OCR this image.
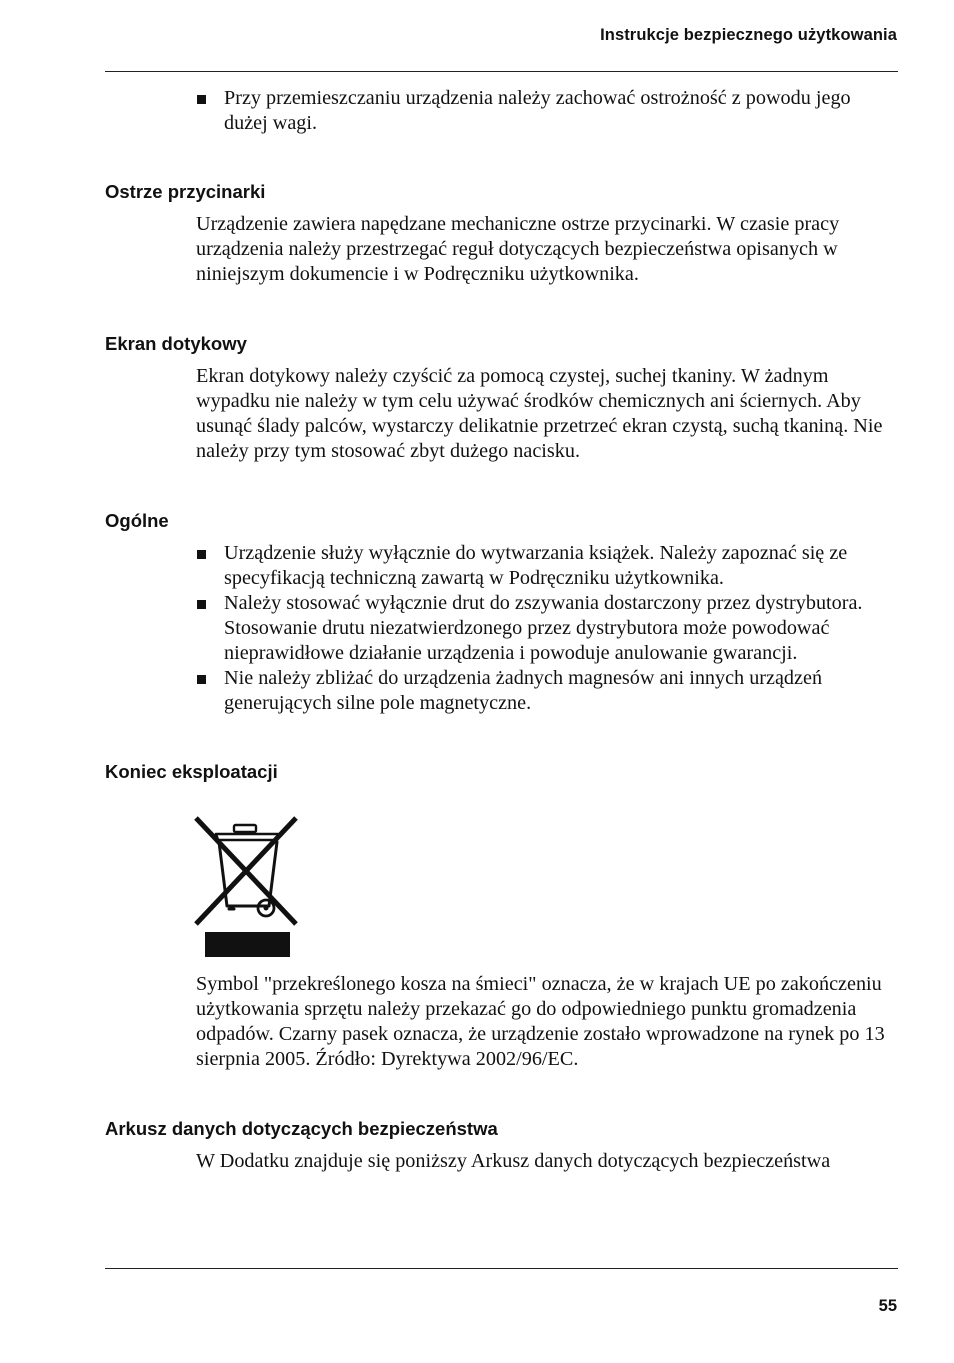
Instrukcje bezpiecznego użytkowania
Przy przemieszczaniu urządzenia należy zachować ostrożność z powodu jego dużej wagi.
Ostrze przycinarki

Urządzenie zawiera napędzane mechaniczne ostrze przycinarki. W czasie pracy urządzenia należy przestrzegać reguł dotyczących bezpieczeństwa opisanych w niniejszym dokumencie i w Podręczniku użytkownika.

Ekran dotykowy

Ekran dotykowy należy czyścić za pomocą czystej, suchej tkaniny. W żadnym wypadku nie należy w tym celu używać środków chemicznych ani ściernych. Aby usunąć ślady palców, wystarczy delikatnie przetrzeć ekran czystą, suchą tkaniną. Nie należy przy tym stosować zbyt dużego nacisku.

Ogólne
Urządzenie służy wyłącznie do wytwarzania książek. Należy zapoznać się ze specyfikacją techniczną zawartą w Podręczniku użytkownika.
Należy stosować wyłącznie drut do zszywania dostarczony przez dystrybutora. Stosowanie drutu niezatwierdzonego przez dystrybutora może powodować nieprawidłowe działanie urządzenia i powoduje anulowanie gwarancji.
Nie należy zbliżać do urządzenia żadnych magnesów ani innych urządzeń generujących silne pole magnetyczne.
Koniec eksploatacji

Symbol "przekreślonego kosza na śmieci" oznacza, że w krajach UE po zakończeniu użytkowania sprzętu należy przekazać go do odpowiedniego punktu gromadzenia odpadów. Czarny pasek oznacza, że urządzenie zostało wprowadzone na rynek po 13 sierpnia 2005. Źródło: Dyrektywa 2002/96/EC.

Arkusz danych dotyczących bezpieczeństwa

W Dodatku znajduje się poniższy Arkusz danych dotyczących bezpieczeństwa

55
